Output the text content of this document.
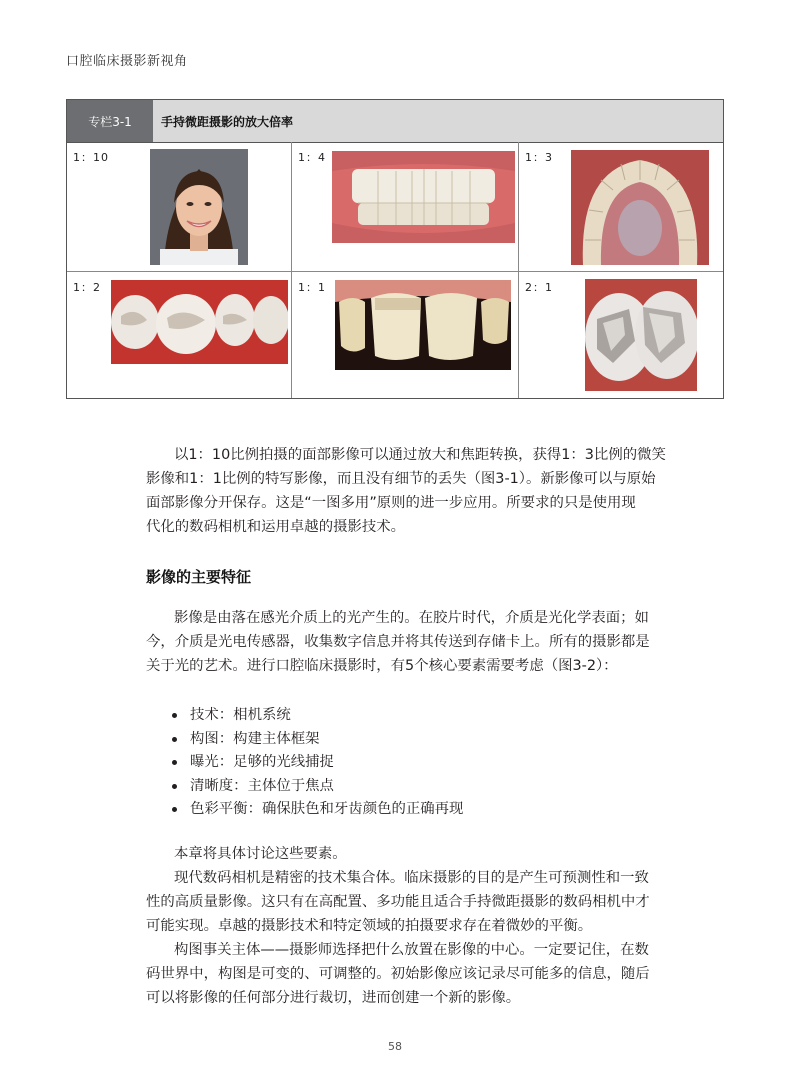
口腔临床摄影新视角
专栏3-1	手持微距摄影的放大倍率
1：10	1：4	1：3
1：2	1：1	2：1
以1：10比例拍摄的面部影像可以通过放大和焦距转换，获得1：3比例的微笑
影像和1：1比例的特写影像，而且没有细节的丢失（图3-1）。新影像可以与原始
面部影像分开保存。这是“一图多用”原则的进一步应用。所要求的只是使用现
代化的数码相机和运用卓越的摄影技术。
影像的主要特征
影像是由落在感光介质上的光产生的。在胶片时代，介质是光化学表面；如
今，介质是光电传感器，收集数字信息并将其传送到存储卡上。所有的摄影都是
关于光的艺术。进行口腔临床摄影时，有5个核心要素需要考虑（图3-2）：
技术：相机系统
构图：构建主体框架
曝光：足够的光线捕捉
清晰度：主体位于焦点
色彩平衡：确保肤色和牙齿颜色的正确再现
本章将具体讨论这些要素。
现代数码相机是精密的技术集合体。临床摄影的目的是产生可预测性和一致
性的高质量影像。这只有在高配置、多功能且适合手持微距摄影的数码相机中才
可能实现。卓越的摄影技术和特定领域的拍摄要求存在着微妙的平衡。
构图事关主体——摄影师选择把什么放置在影像的中心。一定要记住，在数
码世界中，构图是可变的、可调整的。初始影像应该记录尽可能多的信息，随后
可以将影像的任何部分进行裁切，进而创建一个新的影像。
58
